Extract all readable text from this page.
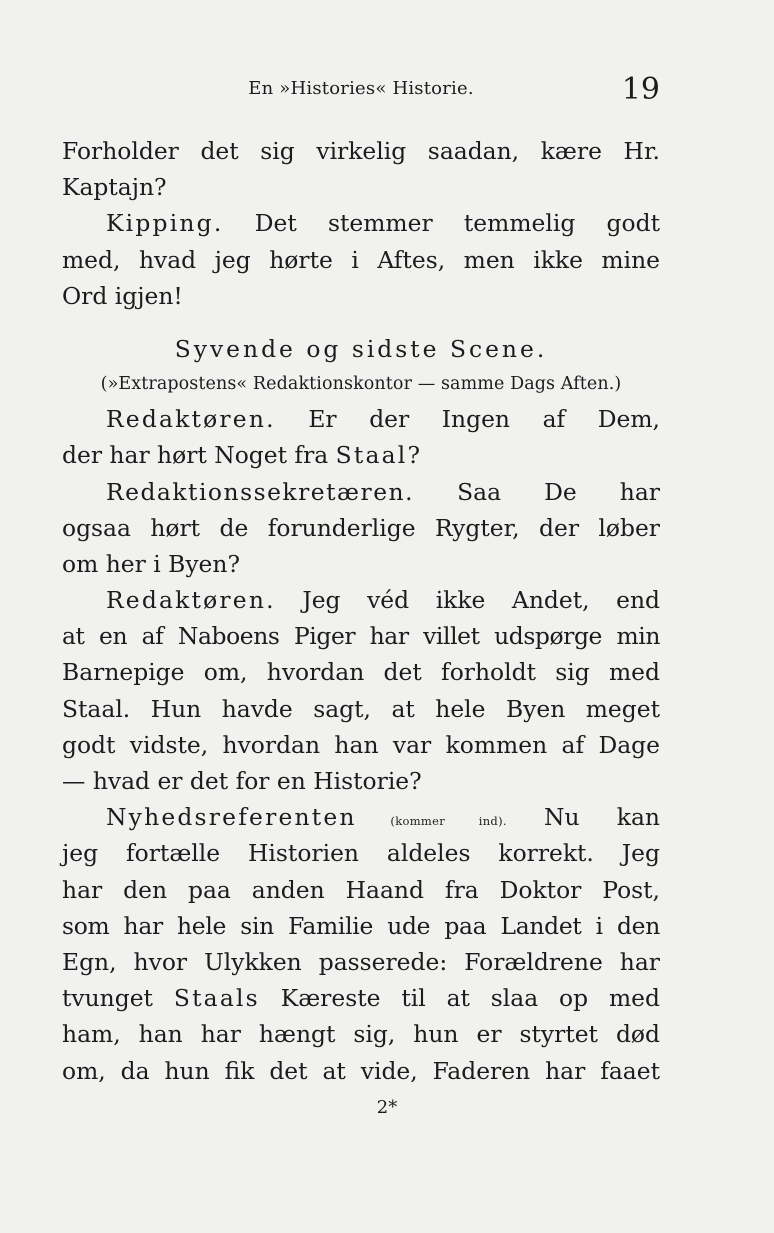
En »Histories« Historie.	19
Forholder det sig virkelig saadan, kære Hr.
Kaptajn?
Kipping. Det stemmer temmelig godt
med, hvad jeg hørte i Aftes, men ikke mine
Ord igjen!
Syvende og sidste Scene.
(»Extrapostens« Redaktionskontor — samme Dags Aften.)
Redaktøren. Er der Ingen af Dem,
der har hørt Noget fra Staal?
Redaktionssekretæren. Saa De har
ogsaa hørt de forunderlige Rygter, der løber
om her i Byen?
Redaktøren. Jeg véd ikke Andet, end
at en af Naboens Piger har villet udspørge min
Barnepige om, hvordan det forholdt sig med
Staal. Hun havde sagt, at hele Byen meget
godt vidste, hvordan han var kommen af Dage
— hvad er det for en Historie?
Nyhedsreferenten (kommer ind). Nu kan
jeg fortælle Historien aldeles korrekt. Jeg
har den paa anden Haand fra Doktor Post,
som har hele sin Familie ude paa Landet i den
Egn, hvor Ulykken passerede: Forældrene har
tvunget Staals Kæreste til at slaa op med
ham, han har hængt sig, hun er styrtet død
om, da hun fik det at vide, Faderen har faaet
2*
